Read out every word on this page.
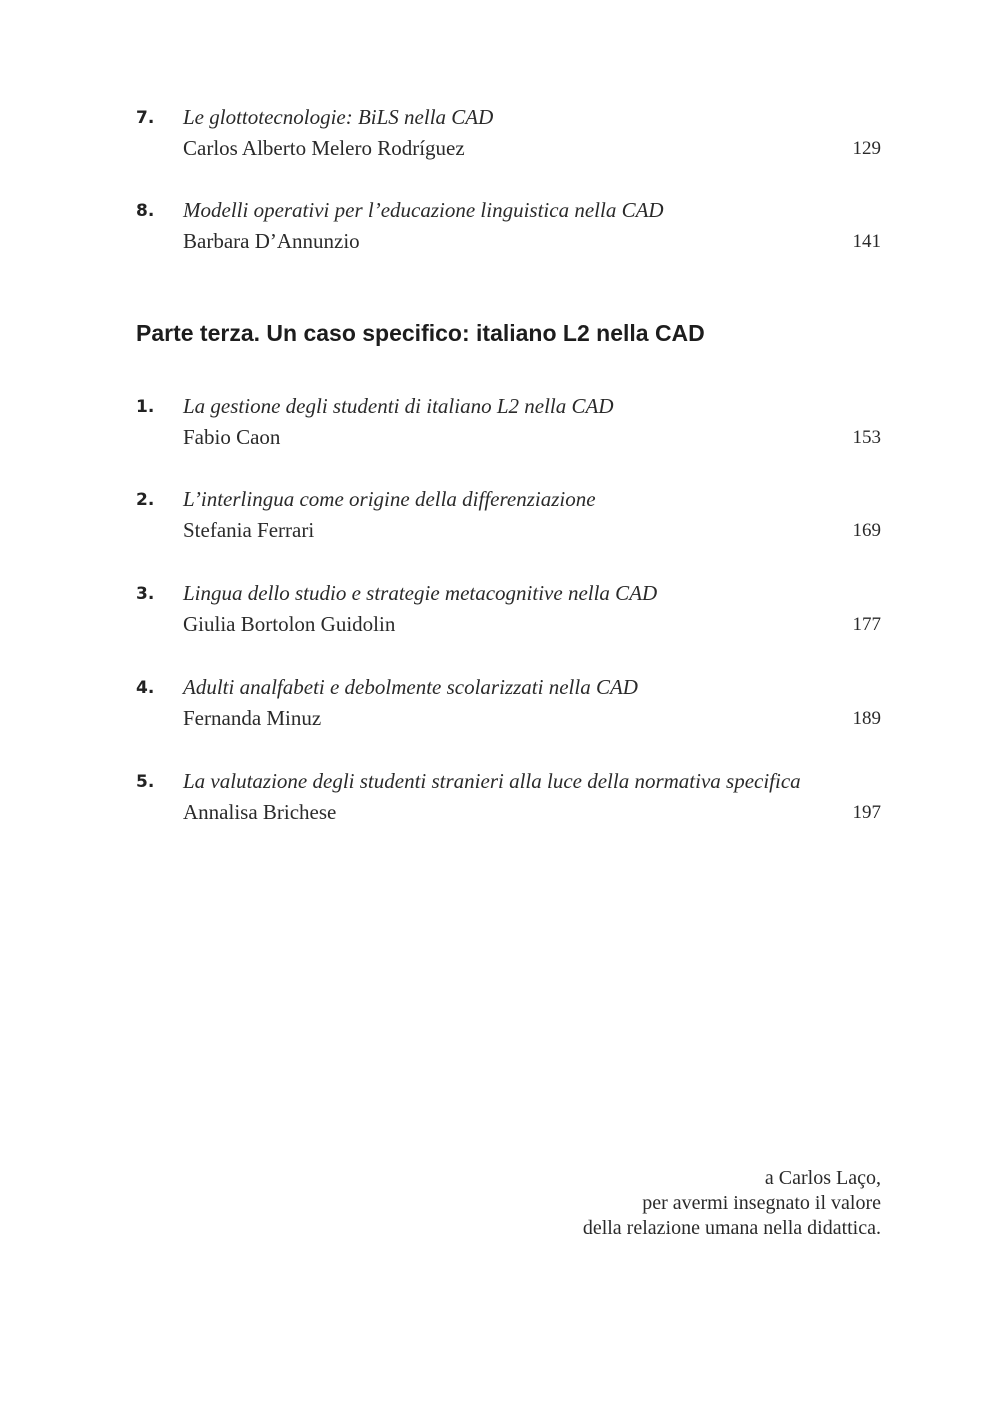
7. Le glottotecnologie: BiLS nella CAD
Carlos Alberto Melero Rodríguez	129
8. Modelli operativi per l’educazione linguistica nella CAD
Barbara D’Annunzio	141
Parte terza. Un caso specifico: italiano L2 nella CAD
1. La gestione degli studenti di italiano L2 nella CAD
Fabio Caon	153
2. L’interlingua come origine della differenziazione
Stefania Ferrari	169
3. Lingua dello studio e strategie metacognitive nella CAD
Giulia Bortolon Guidolin	177
4. Adulti analfabeti e debolmente scolarizzati nella CAD
Fernanda Minuz	189
5. La valutazione degli studenti stranieri alla luce della normativa specifica
Annalisa Brichese	197
a Carlos Laço,
per avermi insegnato il valore
della relazione umana nella didattica.
